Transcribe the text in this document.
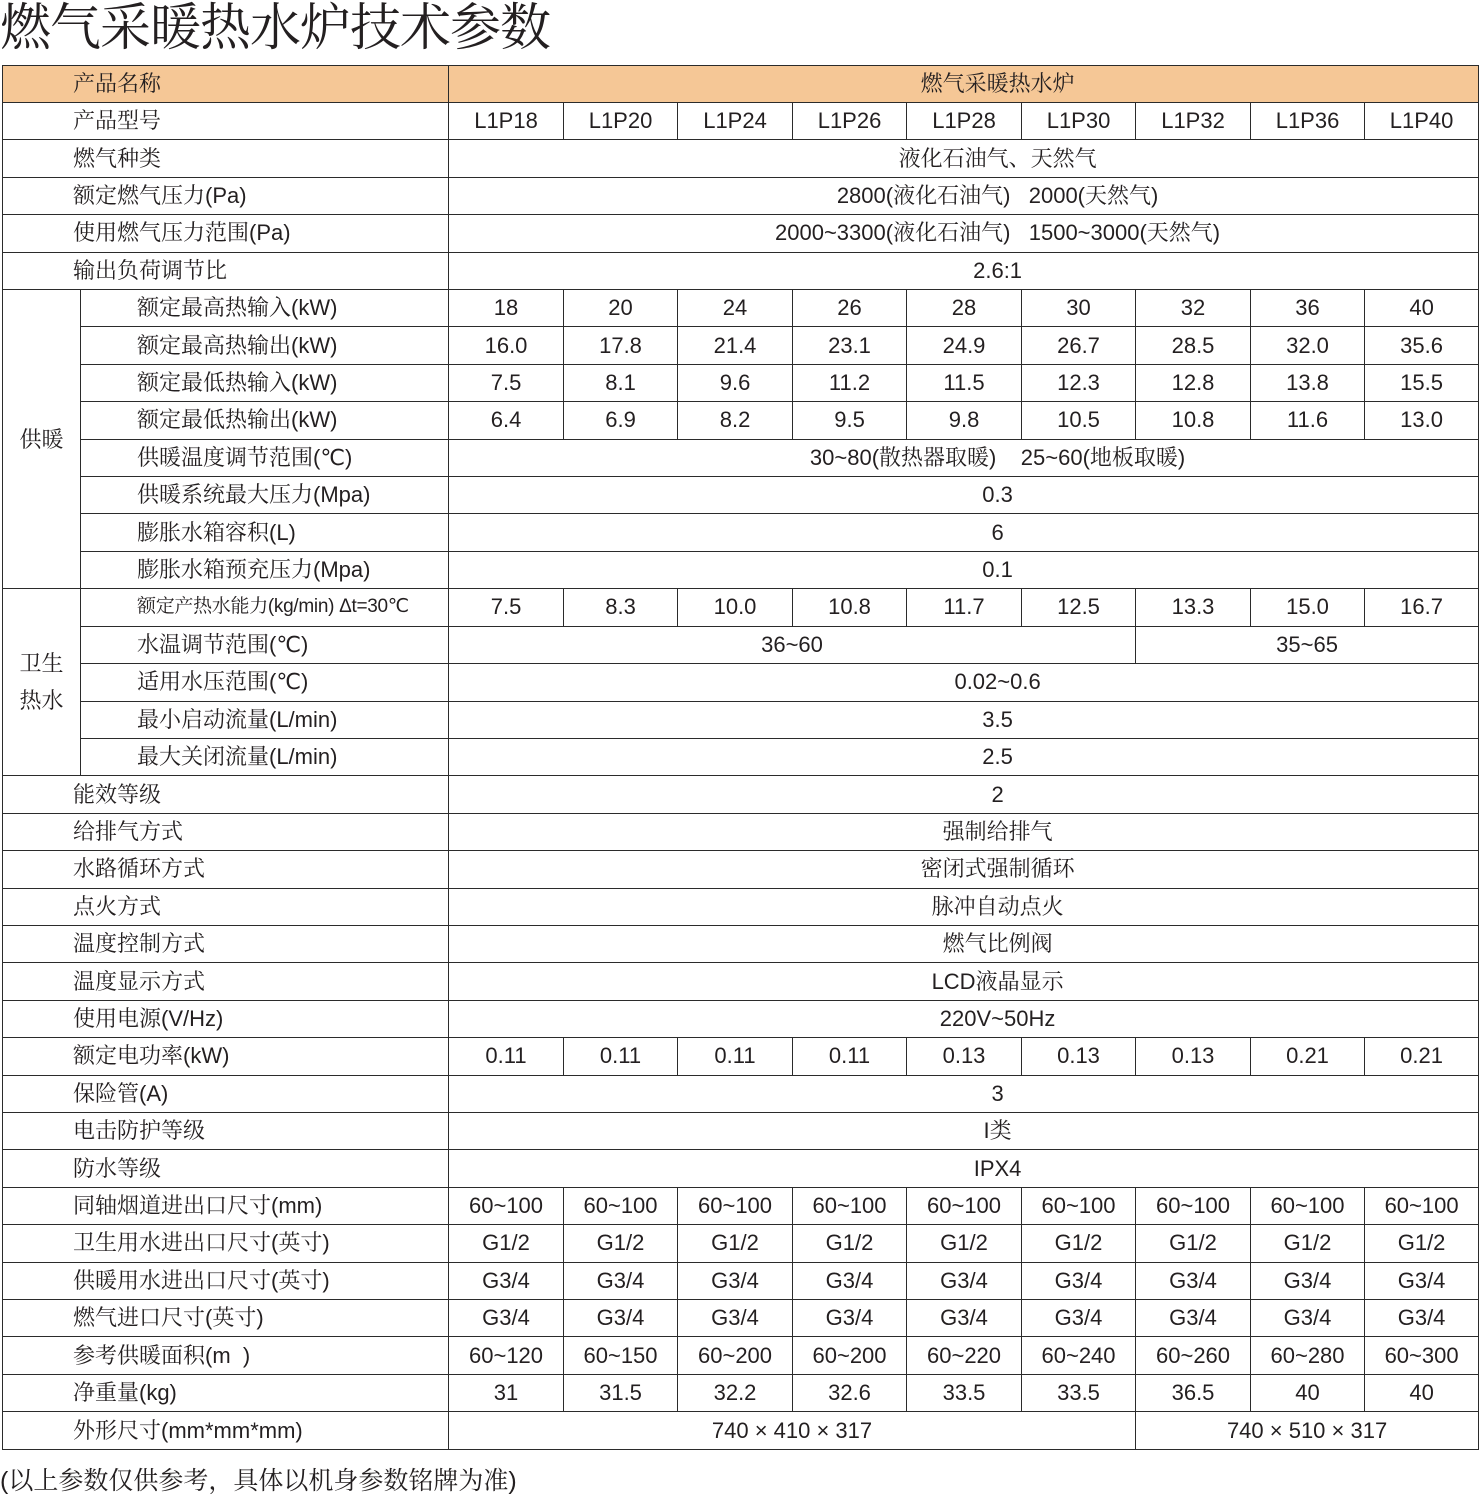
燃气采暖热水炉技术参数
产品名称		燃气采暖热水炉								
产品型号		L1P18	L1P20	L1P24	L1P26	L1P28	L1P30	L1P32	L1P36	L1P40
燃气种类		液化石油气、天然气								
额定燃气压力(Pa)		2800(液化石油气)   2000(天然气)								
使用燃气压力范围(Pa)		2000~3300(液化石油气)   1500~3000(天然气)								
输出负荷调节比		2.6:1								
供暖	额定最高热输入(kW)	18	20	24	26	28	30	32	36	40
	额定最高热输出(kW)	16.0	17.8	21.4	23.1	24.9	26.7	28.5	32.0	35.6
	额定最低热输入(kW)	7.5	8.1	9.6	11.2	11.5	12.3	12.8	13.8	15.5
	额定最低热输出(kW)	6.4	6.9	8.2	9.5	9.8	10.5	10.8	11.6	13.0
	供暖温度调节范围(℃)	30~80(散热器取暖)    25~60(地板取暖)								
	供暖系统最大压力(Mpa)	0.3								
	膨胀水箱容积(L)	6								
	膨胀水箱预充压力(Mpa)	0.1								
卫生热水	额定产热水能力(kg/min) Δt=30℃	7.5	8.3	10.0	10.8	11.7	12.5	13.3	15.0	16.7
	水温调节范围(℃)	36~60						35~65		
	适用水压范围(℃)	0.02~0.6								
	最小启动流量(L/min)	3.5								
	最大关闭流量(L/min)	2.5								
能效等级		2								
给排气方式		强制给排气								
水路循环方式		密闭式强制循环								
点火方式		脉冲自动点火								
温度控制方式		燃气比例阀								
温度显示方式		LCD液晶显示								
使用电源(V/Hz)		220V~50Hz								
额定电功率(kW)		0.11	0.11	0.11	0.11	0.13	0.13	0.13	0.21	0.21
保险管(A)		3								
电击防护等级		I类								
防水等级		IPX4								
同轴烟道进出口尺寸(mm)		60~100	60~100	60~100	60~100	60~100	60~100	60~100	60~100	60~100
卫生用水进出口尺寸(英寸)		G1/2	G1/2	G1/2	G1/2	G1/2	G1/2	G1/2	G1/2	G1/2
供暖用水进出口尺寸(英寸)		G3/4	G3/4	G3/4	G3/4	G3/4	G3/4	G3/4	G3/4	G3/4
燃气进口尺寸(英寸)		G3/4	G3/4	G3/4	G3/4	G3/4	G3/4	G3/4	G3/4	G3/4
参考供暖面积(m  )		60~120	60~150	60~200	60~200	60~220	60~240	60~260	60~280	60~300
净重量(kg)		31	31.5	32.2	32.6	33.5	33.5	36.5	40	40
外形尺寸(mm*mm*mm)		740 × 410 × 317						740 × 510 × 317		
(以上参数仅供参考，具体以机身参数铭牌为准)
